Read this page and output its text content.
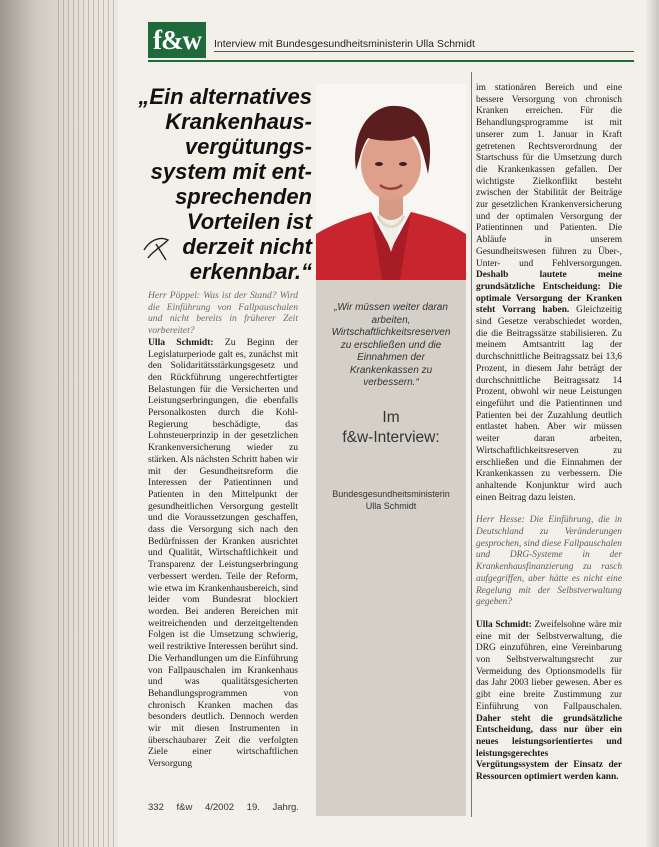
f&w	Interview mit Bundesgesundheitsministerin Ulla Schmidt
„Ein alternatives Krankenhaus-vergütungs-system mit ent-sprechenden Vorteilen ist derzeit nicht erkennbar.“

Herr Pöppel: Was ist der Stand? Wird die Einführung von Fallpauschalen und nicht bereits in früherer Zeit vorbereitet?

Ulla Schmidt: Zu Beginn der Legislaturperiode galt es, zunächst mit den Solidaritätsstärkungsgesetz und den Rückführung ungerechtfertigter Belastungen für die Versicherten und Leistungserbringungen, die ebenfalls Personalkosten durch die Kohl-Regierung beschädigte, das Lohnsteuerprinzip in der gesetzlichen Krankenversicherung wieder zu stärken. Als nächsten Schritt haben wir mit der Gesundheitsreform die Interessen der Patientinnen und Patienten in den Mittelpunkt der gesundheitlichen Versorgung gestellt und die Voraussetzungen geschaffen, dass die Versorgung sich nach den Bedürfnissen der Kranken ausrichtet und Qualität, Wirtschaftlichkeit und Transparenz der Leistungserbringung verbessert werden. Teile der Reform, wie etwa im Krankenhausbereich, sind leider vom Bundesrat blockiert worden. Bei anderen Bereichen mit weitreichenden und derzeitgeltenden Folgen ist die Umsetzung schwierig, weil restriktive Interessen berührt sind. Die Verhandlungen um die Einführung von Fallpauschalen im Krankenhaus und was qualitätsgesicherten Behandlungsprogrammen von chronisch Kranken machen das besonders deutlich. Dennoch werden wir mit diesen Instrumenten in überschaubarer Zeit die verfolgten Ziele einer wirtschaftlichen Versorgung

„Wir müssen weiter daran arbeiten, Wirtschaftlichkeitsreserven zu erschließen und die Einnahmen der Krankenkassen zu verbessern.“
Im
f&w-Interview:
Bundesgesundheitsministerin
Ulla Schmidt

im stationären Bereich und eine bessere Versorgung von chronisch Kranken erreichen. Für die Behandlungsprogramme ist mit unserer zum 1. Januar in Kraft getretenen Rechtsverordnung der Startschuss für die Umsetzung durch die Krankenkassen gefallen. Der wichtigste Zielkonflikt besteht zwischen der Stabilität der Beiträge zur gesetzlichen Krankenversicherung und der optimalen Versorgung der Patientinnen und Patienten. Die Abläufe in unserem Gesundheitswesen führen zu Über-, Unter- und Fehlversorgungen. Deshalb lautete meine grundsätzliche Entscheidung: Die optimale Versorgung der Kranken steht Vorrang haben. Gleichzeitig sind Gesetze verabschiedet worden, die die Beitragssätze stabilisieren. Zu meinem Amtsantritt lag der durchschnittliche Beitragssatz bei 13,6 Prozent, in diesem Jahr beträgt der durchschnittliche Beitragssatz 14 Prozent, obwohl wir neue Leistungen eingeführt und die Patientinnen und Patienten bei der Zuzahlung deutlich entlastet haben. Aber wir müssen weiter daran arbeiten, Wirtschaftlichkeitsreserven zu erschließen und die Einnahmen der Krankenkassen zu verbessern. Die anhaltende Konjunktur wird auch einen Beitrag dazu leisten.

Herr Hesse: Die Einführung, die in Deutschland zu Veränderungen gesprochen, sind diese Fallpauschalen und DRG-Systeme in der Krankenhausfinanzierung zu rasch aufgegriffen, aber hätte es nicht eine Regelung mit der Selbstverwaltung gegeben?

Ulla Schmidt: Zweifelsohne wäre mir eine mit der Selbstverwaltung, die DRG einzuführen, eine Vereinbarung von Selbstverwaltungsrecht zur Vermeidung des Optionsmodells für das Jahr 2003 lieber gewesen. Aber es gibt eine breite Zustimmung zur Einführung von Fallpauschalen. Daher steht die grundsätzliche Entscheidung, dass nur über ein neues leistungsorientiertes und leistungsgerechtes Vergütungssystem der Einsatz der Ressourcen optimiert werden kann.

332 f&w 4/2002 19. Jahrg.
